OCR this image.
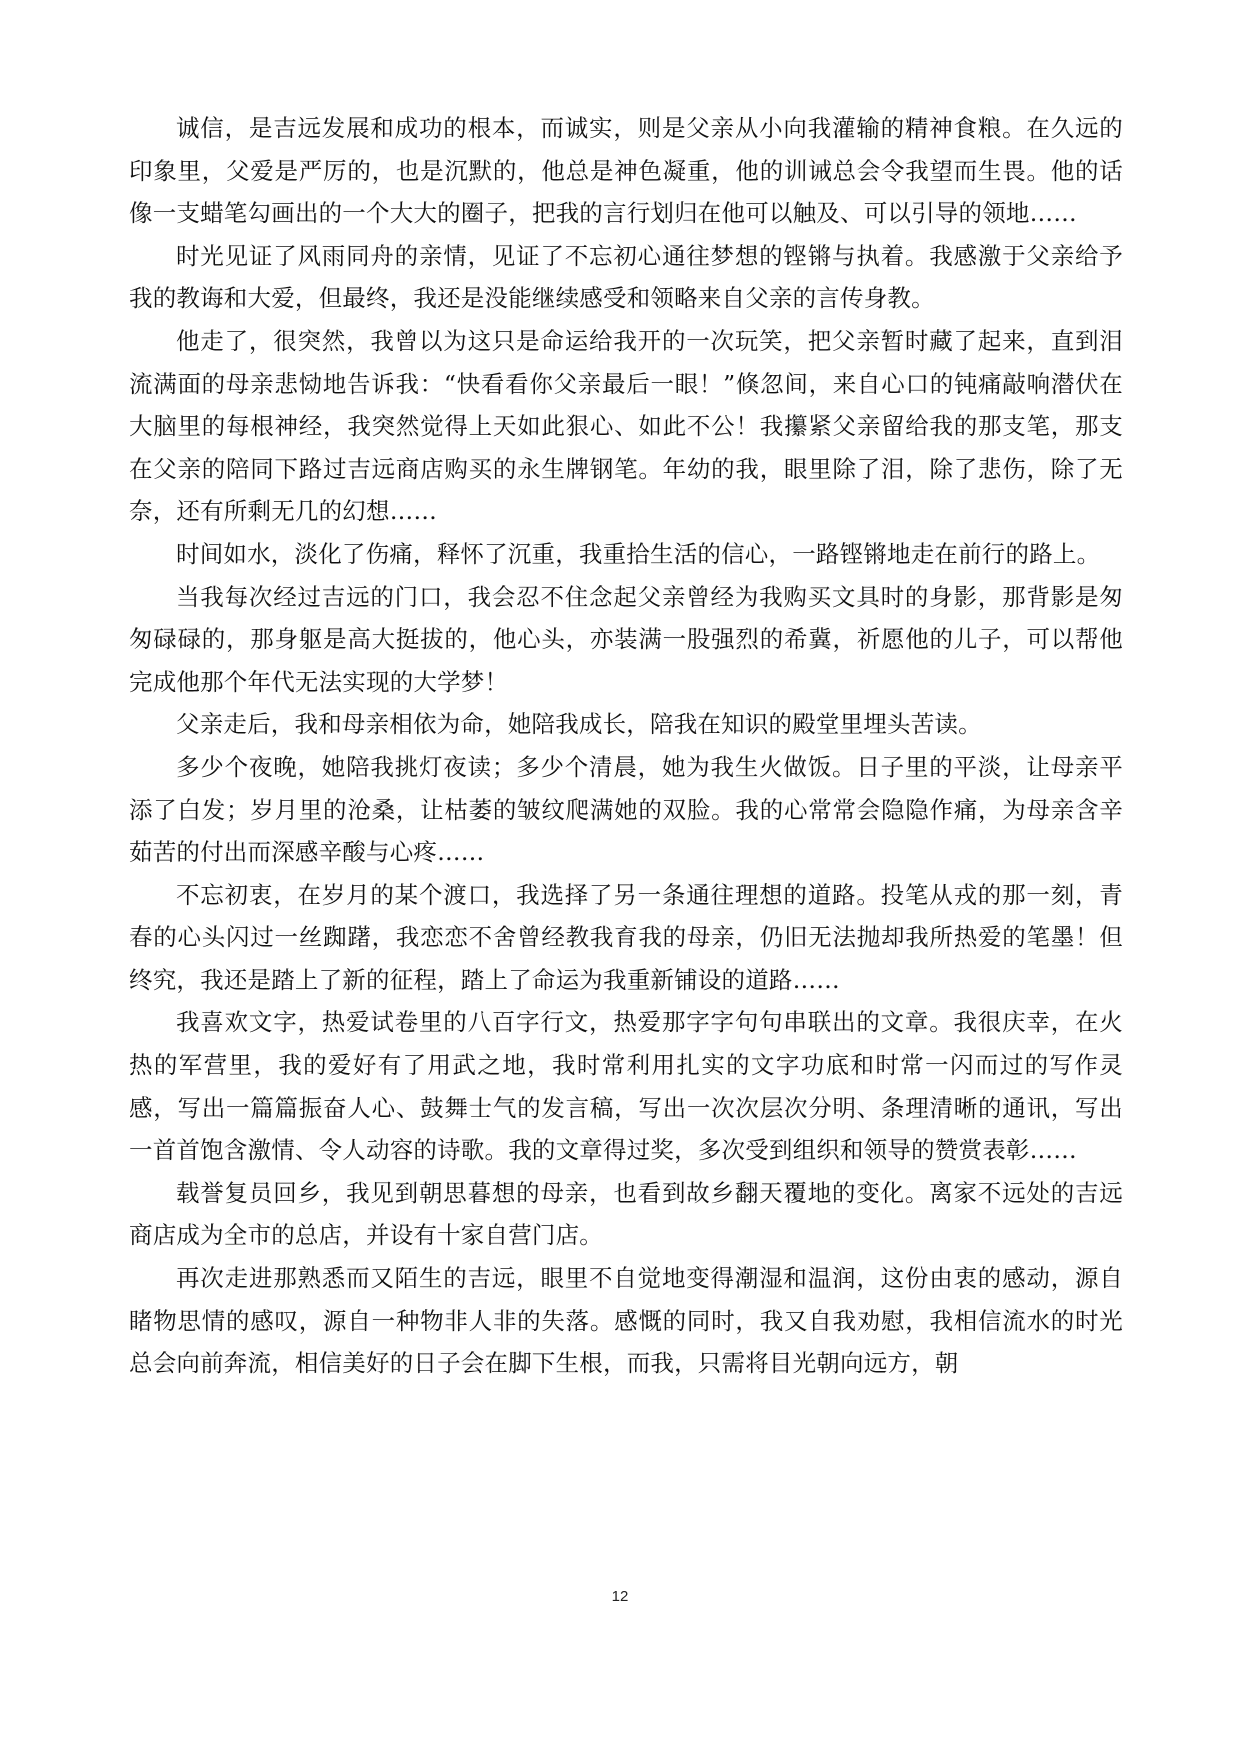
诚信，是吉远发展和成功的根本，而诚实，则是父亲从小向我灌输的精神食粮。在久远的印象里，父爱是严厉的，也是沉默的，他总是神色凝重，他的训诫总会令我望而生畏。他的话像一支蜡笔勾画出的一个大大的圈子，把我的言行划归在他可以触及、可以引导的领地……

时光见证了风雨同舟的亲情，见证了不忘初心通往梦想的铿锵与执着。我感激于父亲给予我的教诲和大爱，但最终，我还是没能继续感受和领略来自父亲的言传身教。

他走了，很突然，我曾以为这只是命运给我开的一次玩笑，把父亲暂时藏了起来，直到泪流满面的母亲悲恸地告诉我：“快看看你父亲最后一眼！”倏忽间，来自心口的钝痛敲响潜伏在大脑里的每根神经，我突然觉得上天如此狠心、如此不公！我攥紧父亲留给我的那支笔，那支在父亲的陪同下路过吉远商店购买的永生牌钢笔。年幼的我，眼里除了泪，除了悲伤，除了无奈，还有所剩无几的幻想……

时间如水，淡化了伤痛，释怀了沉重，我重拾生活的信心，一路铿锵地走在前行的路上。

当我每次经过吉远的门口，我会忍不住念起父亲曾经为我购买文具时的身影，那背影是匆匆碌碌的，那身躯是高大挺拔的，他心头，亦装满一股强烈的希冀，祈愿他的儿子，可以帮他完成他那个年代无法实现的大学梦！

父亲走后，我和母亲相依为命，她陪我成长，陪我在知识的殿堂里埋头苦读。

多少个夜晚，她陪我挑灯夜读；多少个清晨，她为我生火做饭。日子里的平淡，让母亲平添了白发；岁月里的沧桑，让枯萎的皱纹爬满她的双脸。我的心常常会隐隐作痛，为母亲含辛茹苦的付出而深感辛酸与心疼……

不忘初衷，在岁月的某个渡口，我选择了另一条通往理想的道路。投笔从戎的那一刻，青春的心头闪过一丝踟躇，我恋恋不舍曾经教我育我的母亲，仍旧无法抛却我所热爱的笔墨！但终究，我还是踏上了新的征程，踏上了命运为我重新铺设的道路……

我喜欢文字，热爱试卷里的八百字行文，热爱那字字句句串联出的文章。我很庆幸，在火热的军营里，我的爱好有了用武之地，我时常利用扎实的文字功底和时常一闪而过的写作灵感，写出一篇篇振奋人心、鼓舞士气的发言稿，写出一次次层次分明、条理清晰的通讯，写出一首首饱含激情、令人动容的诗歌。我的文章得过奖，多次受到组织和领导的赞赏表彰……

载誉复员回乡，我见到朝思暮想的母亲，也看到故乡翻天覆地的变化。离家不远处的吉远商店成为全市的总店，并设有十家自营门店。

再次走进那熟悉而又陌生的吉远，眼里不自觉地变得潮湿和温润，这份由衷的感动，源自睹物思情的感叹，源自一种物非人非的失落。感慨的同时，我又自我劝慰，我相信流水的时光总会向前奔流，相信美好的日子会在脚下生根，而我，只需将目光朝向远方，朝

12
